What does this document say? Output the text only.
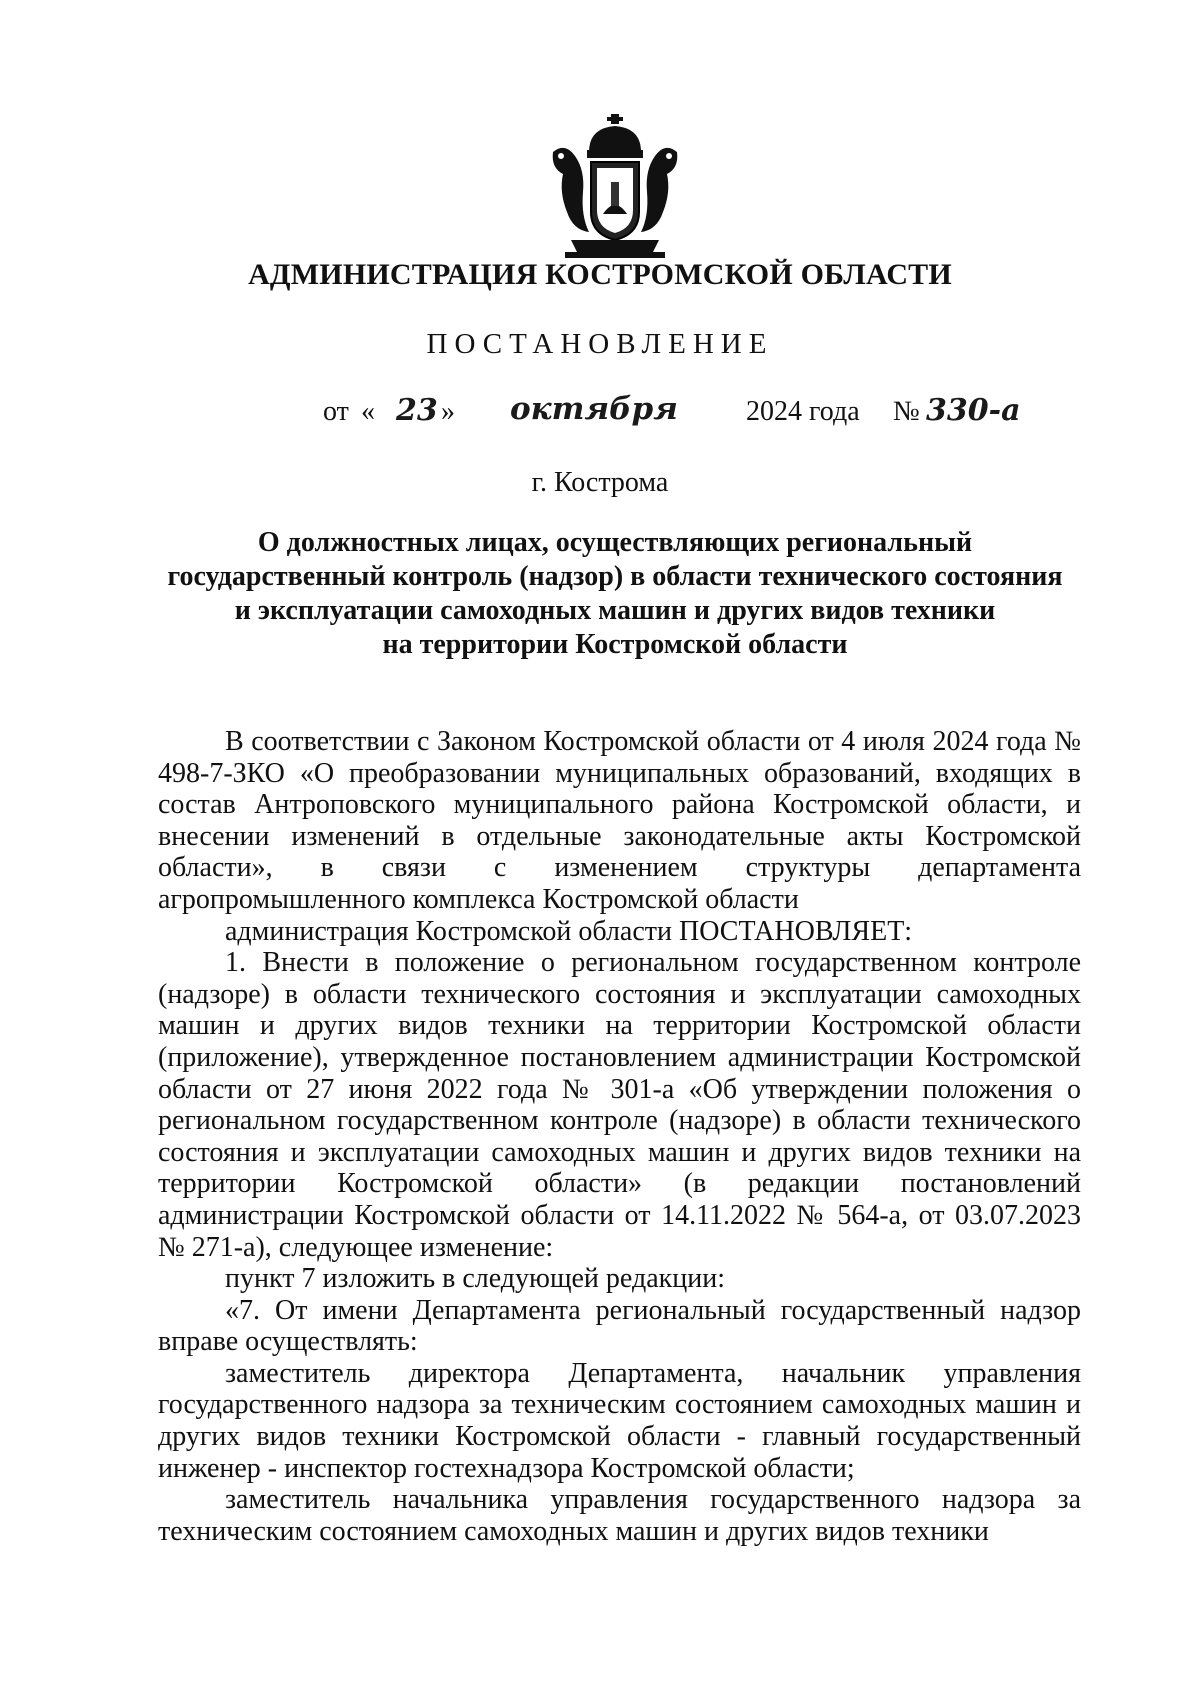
АДМИНИСТРАЦИЯ КОСТРОМСКОЙ ОБЛАСТИ
ПОСТАНОВЛЕНИЕ
от « 23 » октября 2024 года № 330-а
г. Кострома
О должностных лицах, осуществляющих региональный
государственный контроль (надзор) в области технического состояния
и эксплуатации самоходных машин и других видов техники
на территории Костромской области

В соответствии с Законом Костромской области от 4 июля 2024 года № 498-7-ЗКО «О преобразовании муниципальных образований, входящих в состав Антроповского муниципального района Костромской области, и внесении изменений в отдельные законодательные акты Костромской области», в связи с изменением структуры департамента агропромышленного комплекса Костромской области

администрация Костромской области ПОСТАНОВЛЯЕТ:

1. Внести в положение о региональном государственном контроле (надзоре) в области технического состояния и эксплуатации самоходных машин и других видов техники на территории Костромской области (приложение), утвержденное постановлением администрации Костромской области от 27 июня 2022 года № 301-а «Об утверждении положения о региональном государственном контроле (надзоре) в области технического состояния и эксплуатации самоходных машин и других видов техники на территории Костромской области» (в редакции постановлений администрации Костромской области от 14.11.2022 № 564-а, от 03.07.2023 № 271-а), следующее изменение:

пункт 7 изложить в следующей редакции:

«7. От имени Департамента региональный государственный надзор вправе осуществлять:

заместитель директора Департамента, начальник управления государственного надзора за техническим состоянием самоходных машин и других видов техники Костромской области - главный государственный инженер - инспектор гостехнадзора Костромской области;

заместитель начальника управления государственного надзора за техническим состоянием самоходных машин и других видов техники
